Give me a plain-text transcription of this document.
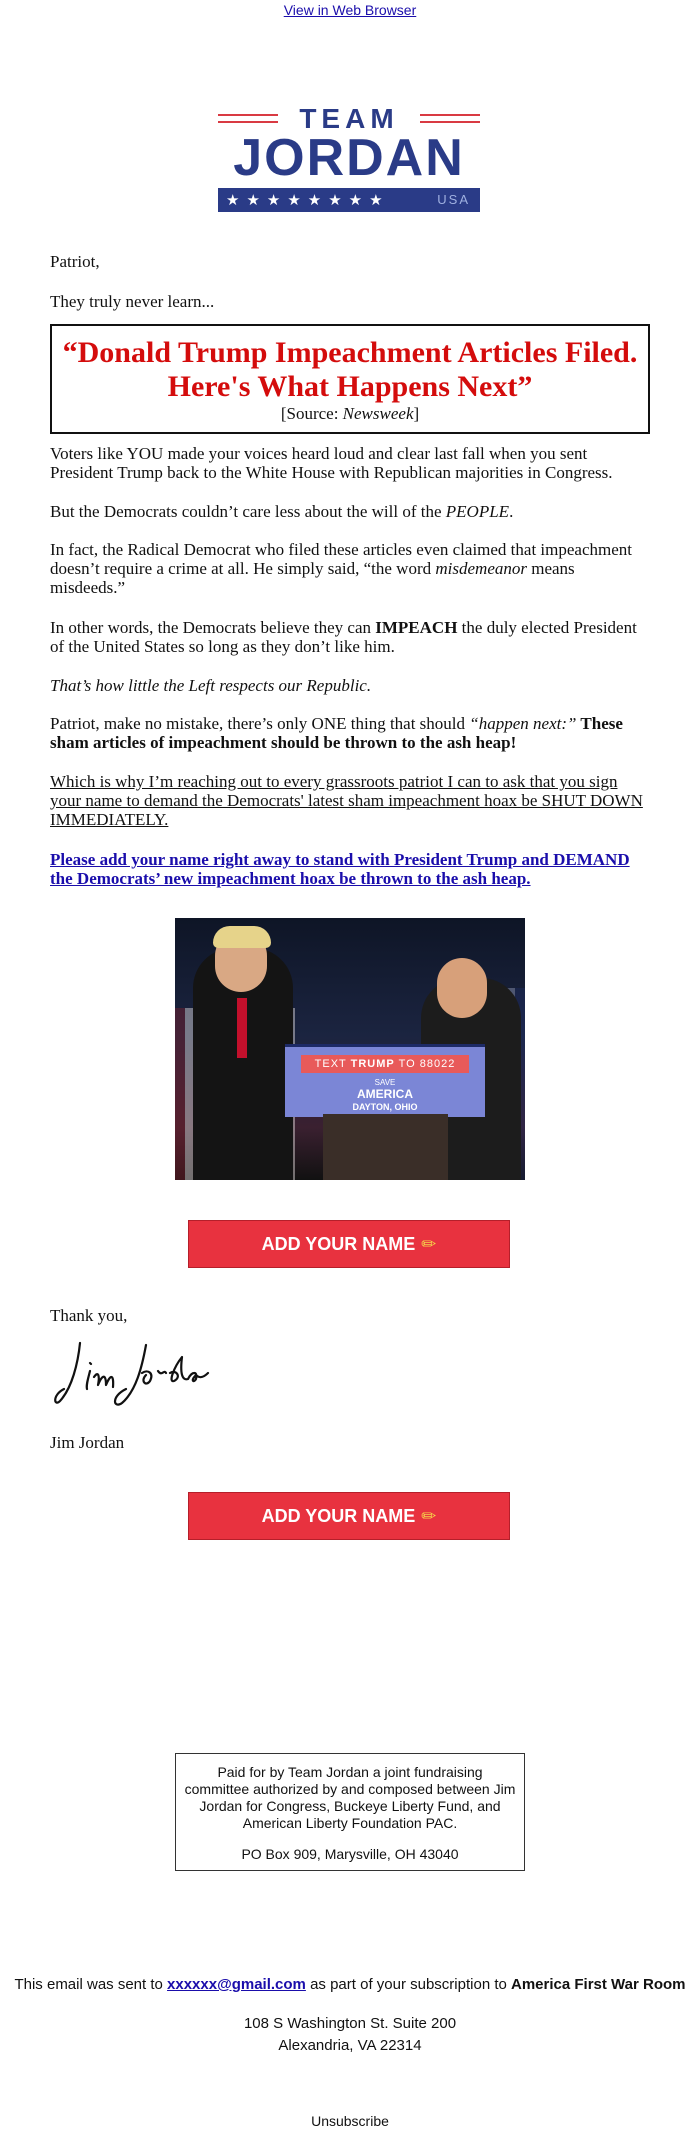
View in Web Browser
TEAM
JORDAN
★★★★★★★★	USA

Patriot,

They truly never learn...

“Donald Trump Impeachment Articles Filed.
Here's What Happens Next”
[Source: Newsweek]

Voters like YOU made your voices heard loud and clear last fall when you sent President Trump back to the White House with Republican majorities in Congress.

But the Democrats couldn’t care less about the will of the PEOPLE.

In fact, the Radical Democrat who filed these articles even claimed that impeachment doesn’t require a crime at all. He simply said, “the word misdemeanor means misdeeds.”

In other words, the Democrats believe they can IMPEACH the duly elected President of the United States so long as they don’t like him.

That’s how little the Left respects our Republic.

Patriot, make no mistake, there’s only ONE thing that should “happen next:” These sham articles of impeachment should be thrown to the ash heap!

Which is why I’m reaching out to every grassroots patriot I can to ask that you sign your name to demand the Democrats' latest sham impeachment hoax be SHUT DOWN IMMEDIATELY.

Please add your name right away to stand with President Trump and DEMAND the Democrats’ new impeachment hoax be thrown to the ash heap.

TEXT TRUMP TO 88022
SAVE
AMERICA
DAYTON, OHIO
ADD YOUR NAME ✏

Thank you,

Jim Jordan

Jim Jordan

ADD YOUR NAME ✏
Paid for by Team Jordan a joint fundraising committee authorized by and composed between Jim Jordan for Congress, Buckeye Liberty Fund, and American Liberty Foundation PAC.
PO Box 909, Marysville, OH 43040
This email was sent to xxxxxx@gmail.com as part of your subscription to America First War Room
108 S Washington St. Suite 200
Alexandria, VA 22314
Unsubscribe
